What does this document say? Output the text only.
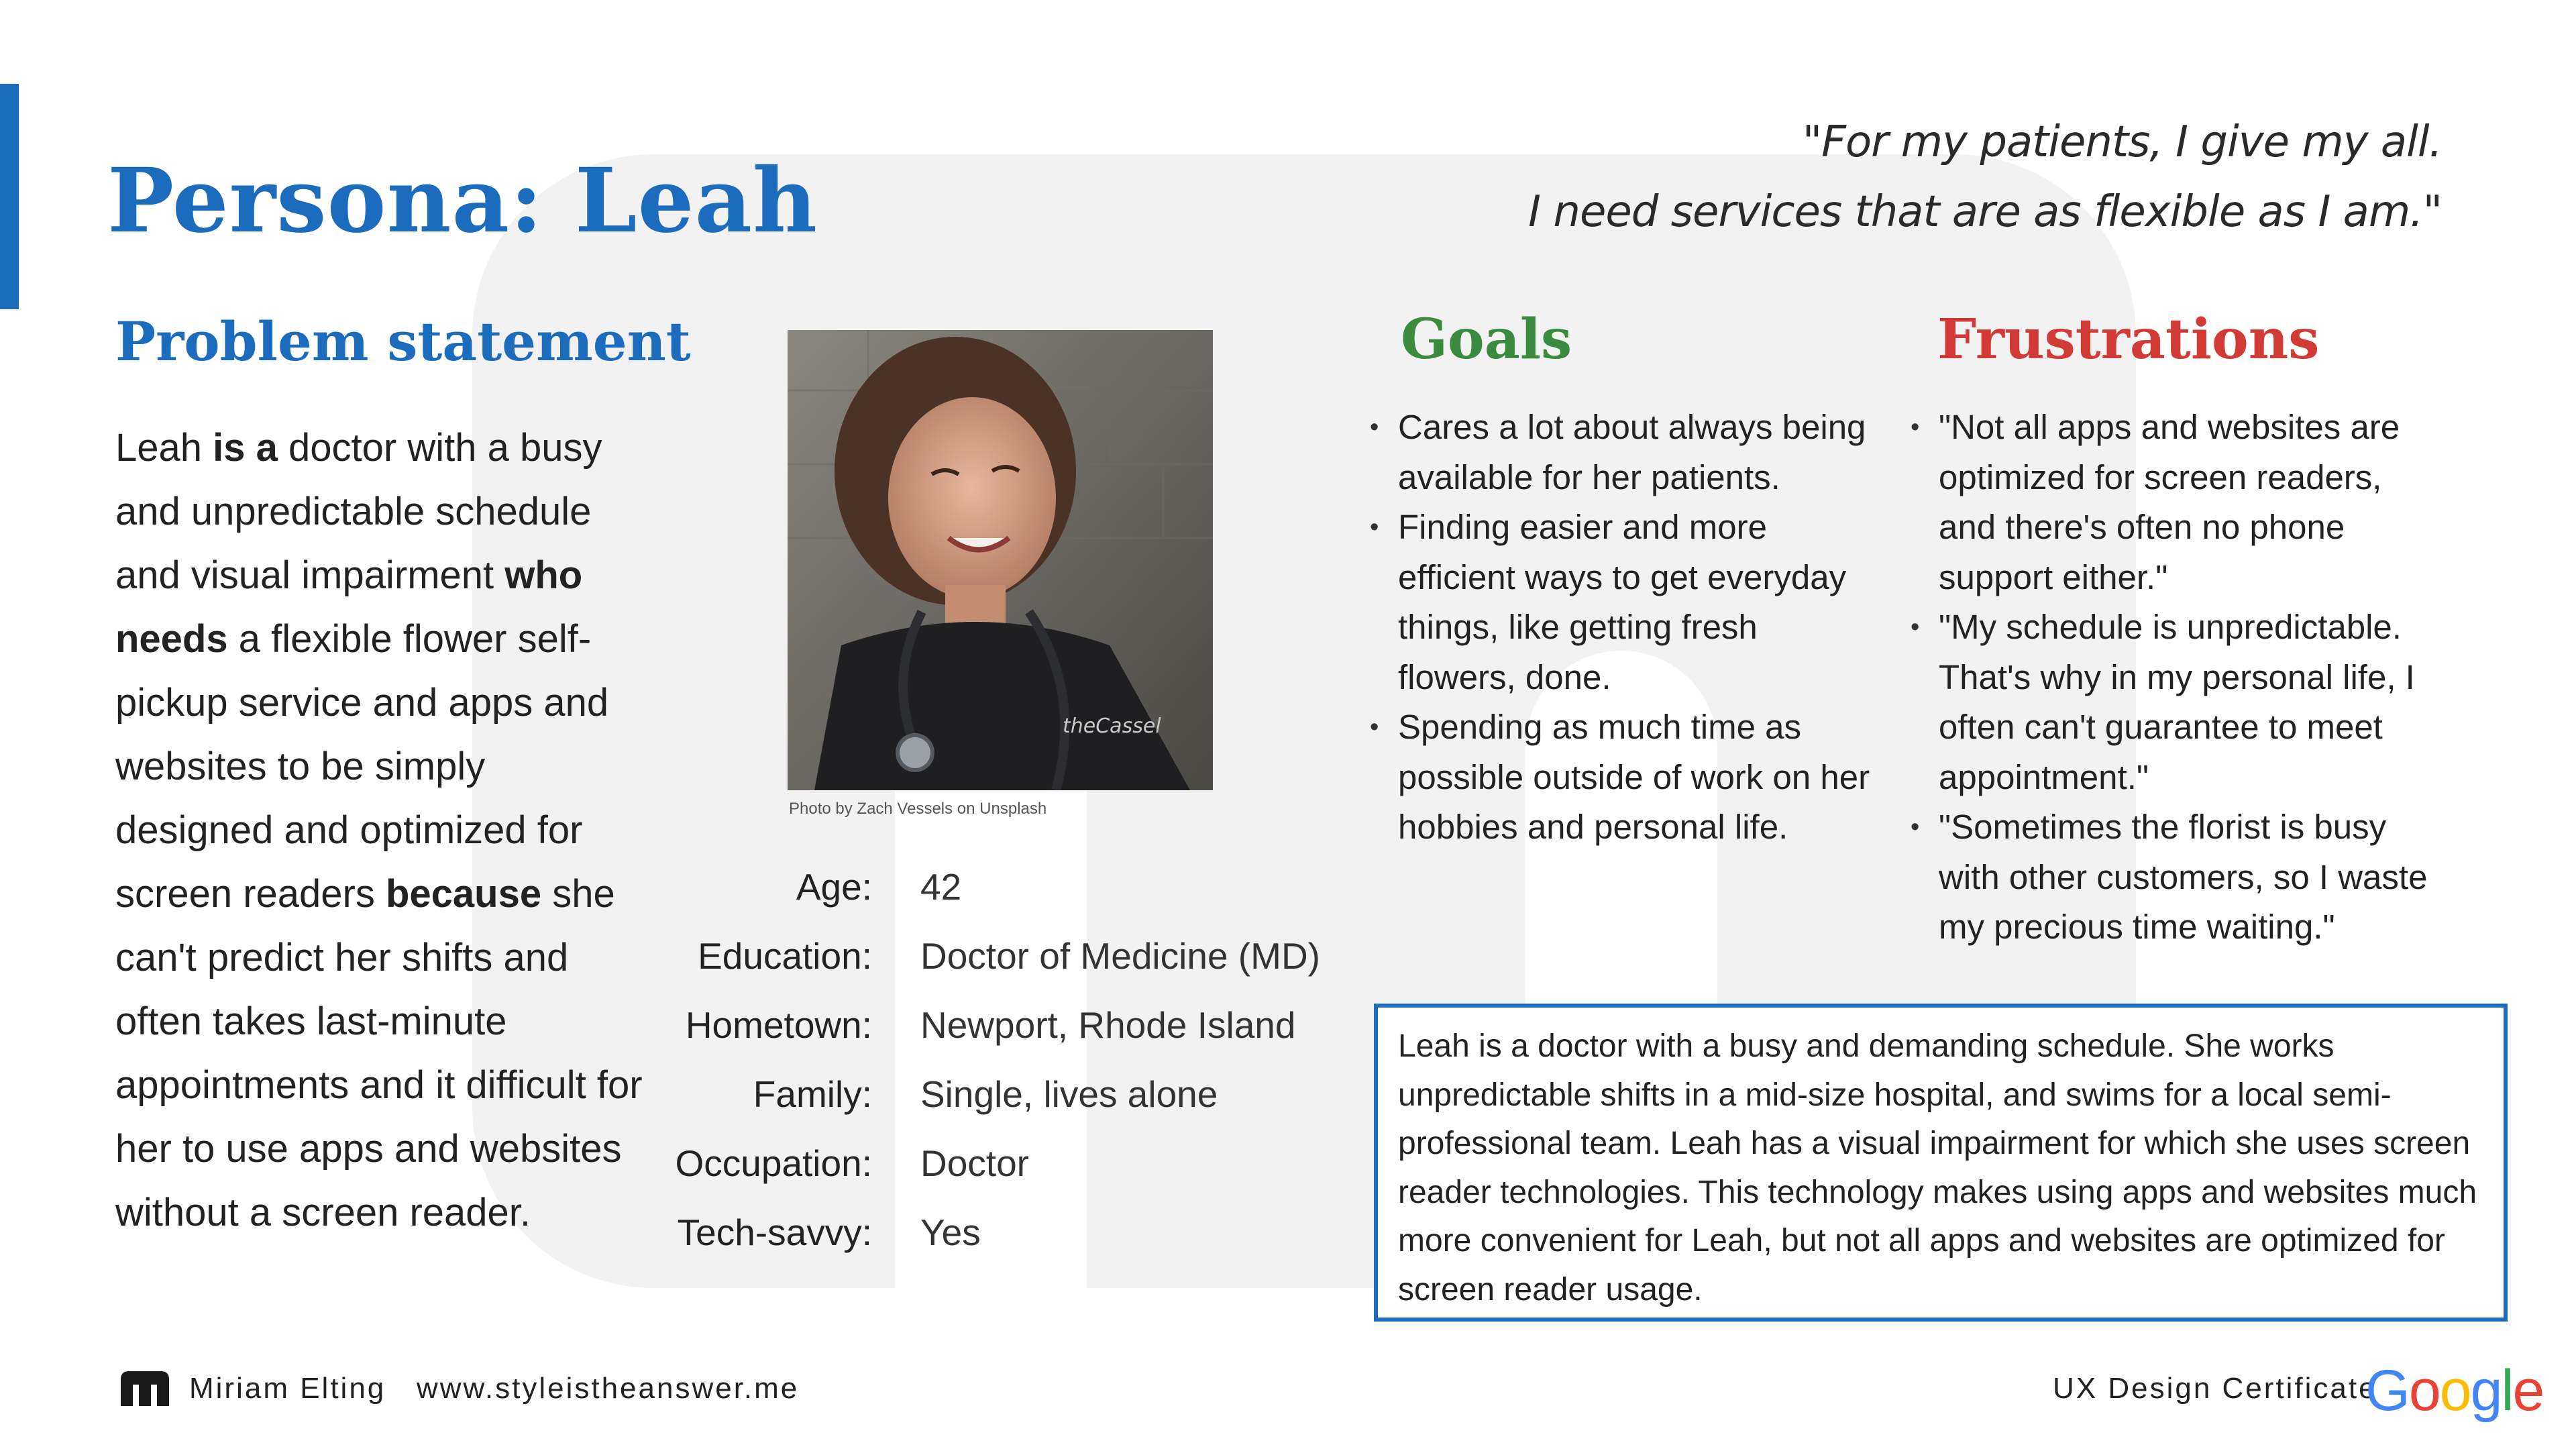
Persona: Leah
"For my patients, I give my all.
I need services that are as flexible as I am."
Problem statement
Leah is a doctor with a busy and unpredictable schedule and visual impairment who needs a flexible flower self-pickup service and apps and websites to be simply designed and optimized for screen readers because she can't predict her shifts and often takes last-minute appointments and it difficult for her to use apps and websites without a screen reader.
theCassel
Photo by Zach Vessels on Unsplash
Age: 42
Education: Doctor of Medicine (MD)
Hometown: Newport, Rhode Island
Family: Single, lives alone
Occupation: Doctor
Tech-savvy: Yes
Goals
• Cares a lot about always being available for her patients.
• Finding easier and more efficient ways to get everyday things, like getting fresh flowers, done.
• Spending as much time as possible outside of work on her hobbies and personal life.
Frustrations
• "Not all apps and websites are optimized for screen readers, and there's often no phone support either."
• "My schedule is unpredictable. That's why in my personal life, I often can't guarantee to meet appointment."
• "Sometimes the florist is busy with other customers, so I waste my precious time waiting."
Leah is a doctor with a busy and demanding schedule. She works unpredictable shifts in a mid-size hospital, and swims for a local semi-professional team. Leah has a visual impairment for which she uses screen reader technologies. This technology makes using apps and websites much more convenient for Leah, but not all apps and websites are optimized for screen reader usage.
Miriam Elting www.styleistheanswer.me	UX Design Certificate
Google
